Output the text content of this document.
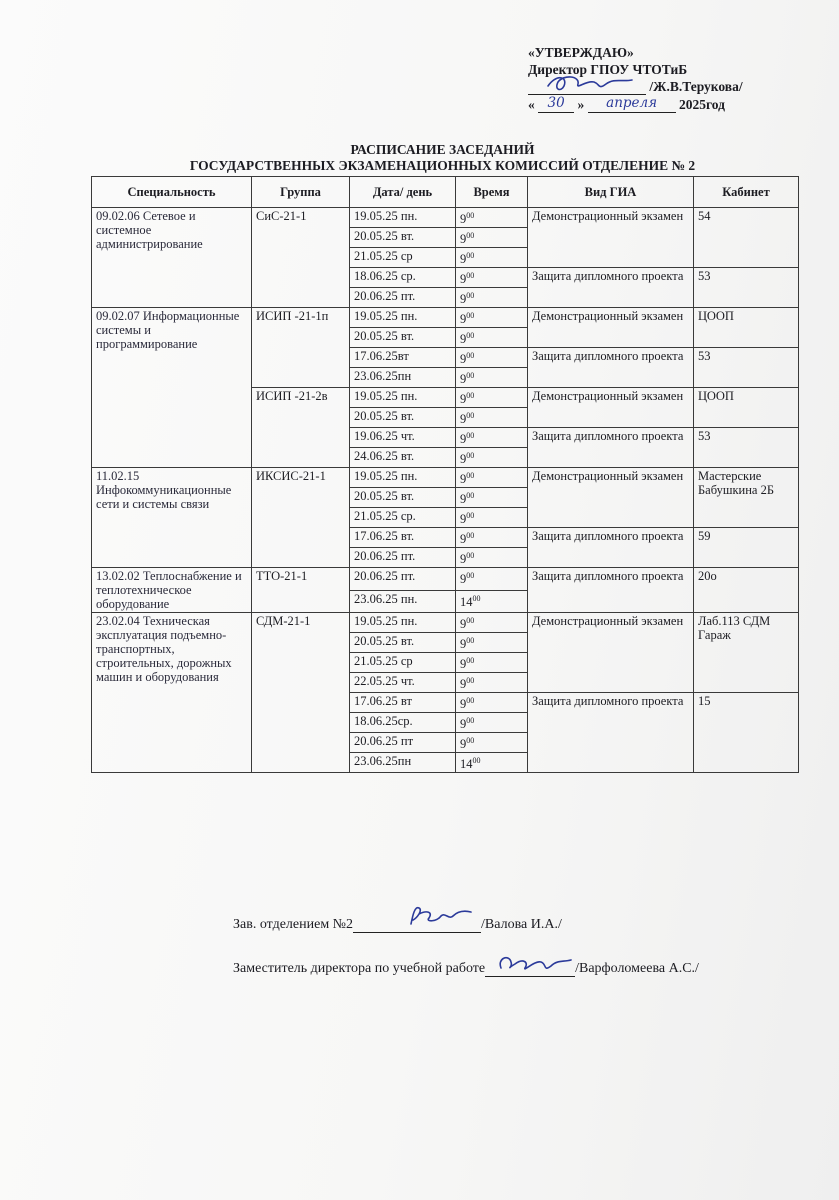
«УТВЕРЖДАЮ»
Директор ГПОУ ЧТОТиБ
/Ж.В.Терукова/
« 30 » апреля 2025год
РАСПИСАНИЕ ЗАСЕДАНИЙ
ГОСУДАРСТВЕННЫХ ЭКЗАМЕНАЦИОННЫХ КОМИССИЙ ОТДЕЛЕНИЕ № 2
Специальность	Группа	Дата/ день	Время	Вид ГИА	Кабинет
09.02.06 Сетевое и системное администрирование	СиС-21-1	19.05.25 пн.	$9^{00}$	Демонстрационный экзамен	54
		20.05.25 вт.	$9^{00}$
		21.05.25 ср	$9^{00}$
		18.06.25 ср.	$9^{00}$	Защита дипломного проекта	53
		20.06.25 пт.	$9^{00}$
09.02.07 Информационные системы и программирование	ИСИП -21-1п	19.05.25 пн.	$9^{00}$	Демонстрационный экзамен	ЦООП
		20.05.25 вт.	$9^{00}$
		17.06.25вт	$9^{00}$	Защита дипломного проекта	53
		23.06.25пн	$9^{00}$
	ИСИП -21-2в	19.05.25 пн.	$9^{00}$	Демонстрационный экзамен	ЦООП
		20.05.25 вт.	$9^{00}$
		19.06.25 чт.	$9^{00}$	Защита дипломного проекта	53
		24.06.25 вт.	$9^{00}$
11.02.15 Инфокоммуникационные сети и системы связи	ИКСИС-21-1	19.05.25 пн.	$9^{00}$	Демонстрационный экзамен	Мастерские Бабушкина 2Б
		20.05.25 вт.	$9^{00}$
		21.05.25 ср.	$9^{00}$
		17.06.25 вт.	$9^{00}$	Защита дипломного проекта	59
		20.06.25 пт.	$9^{00}$
13.02.02 Теплоснабжение и теплотехническое оборудование	ТТО-21-1	20.06.25 пт.	$9^{00}$	Защита дипломного проекта	20о
		23.06.25 пн.	$14^{00}$
23.02.04 Техническая эксплуатация подъемно-транспортных, строительных, дорожных машин и оборудования	СДМ-21-1	19.05.25 пн.	$9^{00}$	Демонстрационный экзамен	Лаб.113 СДМ Гараж
		20.05.25 вт.	$9^{00}$
		21.05.25 ср	$9^{00}$
		22.05.25 чт.	$9^{00}$
		17.06.25 вт	$9^{00}$	Защита дипломного проекта	15
		18.06.25ср.	$9^{00}$
		20.06.25 пт	$9^{00}$
		23.06.25пн	$14^{00}$
Зав. отделением №2	/Валова И.А./
Заместитель директора по учебной работе	/Варфоломеева А.С./
